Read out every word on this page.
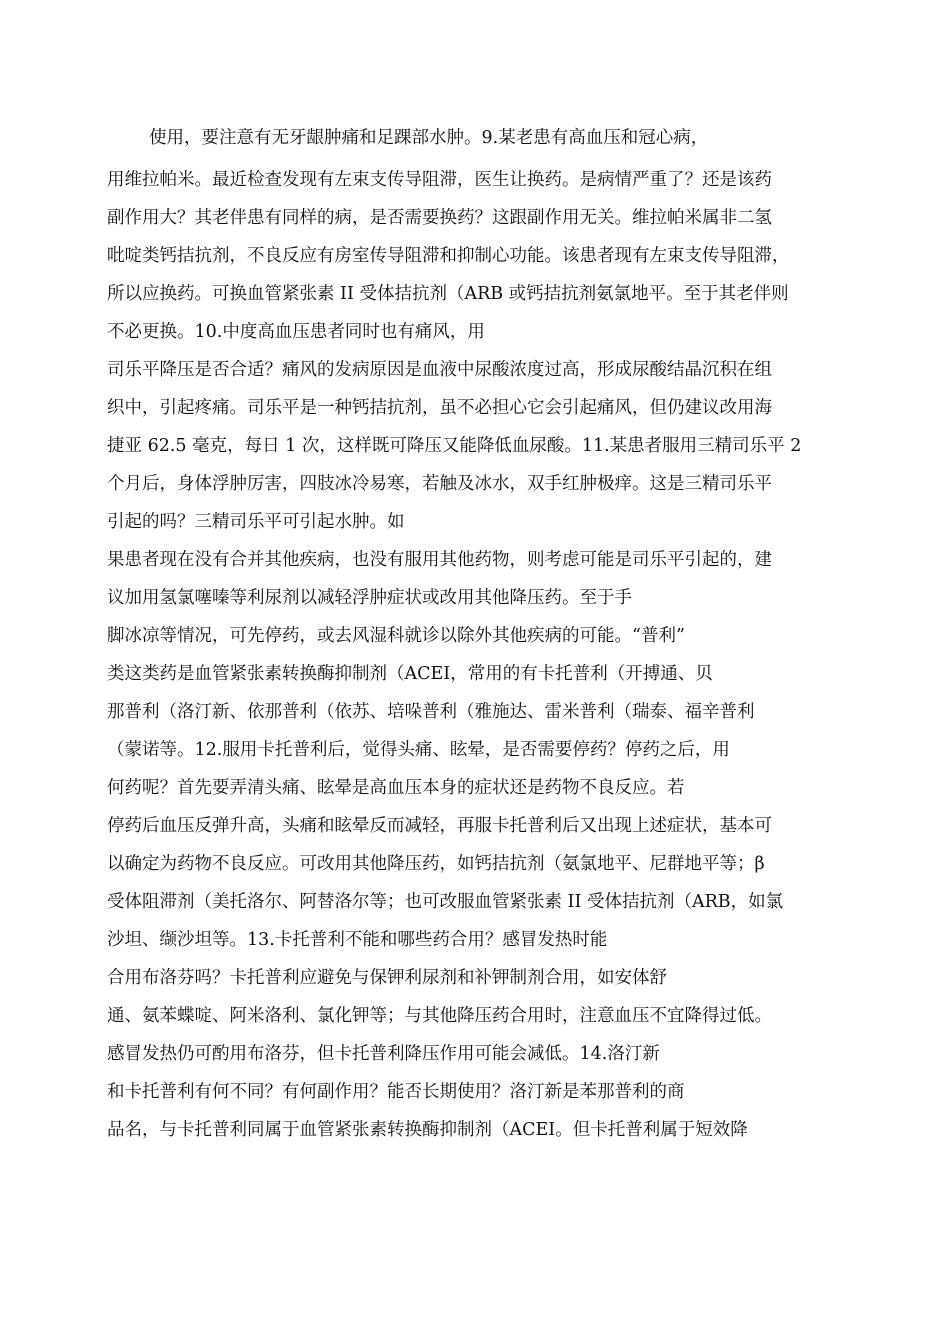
使用，要注意有无牙龈肿痛和足踝部水肿。9.某老患有高血压和冠心病，
用维拉帕米。最近检查发现有左束支传导阻滞，医生让换药。是病情严重了？还是该药
副作用大？其老伴患有同样的病，是否需要换药？这跟副作用无关。维拉帕米属非二氢
吡啶类钙拮抗剂，不良反应有房室传导阻滞和抑制心功能。该患者现有左束支传导阻滞，
所以应换药。可换血管紧张素 II 受体拮抗剂（ARB 或钙拮抗剂氨氯地平。至于其老伴则
不必更换。10.中度高血压患者同时也有痛风，用
司乐平降压是否合适？痛风的发病原因是血液中尿酸浓度过高，形成尿酸结晶沉积在组
织中，引起疼痛。司乐平是一种钙拮抗剂，虽不必担心它会引起痛风，但仍建议改用海
捷亚 62.5 毫克，每日 1 次，这样既可降压又能降低血尿酸。11.某患者服用三精司乐平 2
个月后，身体浮肿厉害，四肢冰冷易寒，若触及冰水，双手红肿极痒。这是三精司乐平
引起的吗？三精司乐平可引起水肿。如
果患者现在没有合并其他疾病，也没有服用其他药物，则考虑可能是司乐平引起的，建
议加用氢氯噻嗪等利尿剂以减轻浮肿症状或改用其他降压药。至于手
脚冰凉等情况，可先停药，或去风湿科就诊以除外其他疾病的可能。“普利”
类这类药是血管紧张素转换酶抑制剂（ACEI，常用的有卡托普利（开搏通、贝
那普利（洛汀新、依那普利（依苏、培哚普利（雅施达、雷米普利（瑞泰、福辛普利
（蒙诺等。12.服用卡托普利后，觉得头痛、眩晕，是否需要停药？停药之后，用
何药呢？首先要弄清头痛、眩晕是高血压本身的症状还是药物不良反应。若
停药后血压反弹升高，头痛和眩晕反而减轻，再服卡托普利后又出现上述症状，基本可
以确定为药物不良反应。可改用其他降压药，如钙拮抗剂（氨氯地平、尼群地平等；β
受体阻滞剂（美托洛尔、阿替洛尔等；也可改服血管紧张素 II 受体拮抗剂（ARB，如氯
沙坦、缬沙坦等。13.卡托普利不能和哪些药合用？感冒发热时能
合用布洛芬吗？卡托普利应避免与保钾利尿剂和补钾制剂合用，如安体舒
通、氨苯蝶啶、阿米洛利、氯化钾等；与其他降压药合用时，注意血压不宜降得过低。
感冒发热仍可酌用布洛芬，但卡托普利降压作用可能会减低。14.洛汀新
和卡托普利有何不同？有何副作用？能否长期使用？洛汀新是苯那普利的商
品名，与卡托普利同属于血管紧张素转换酶抑制剂（ACEI。但卡托普利属于短效降
